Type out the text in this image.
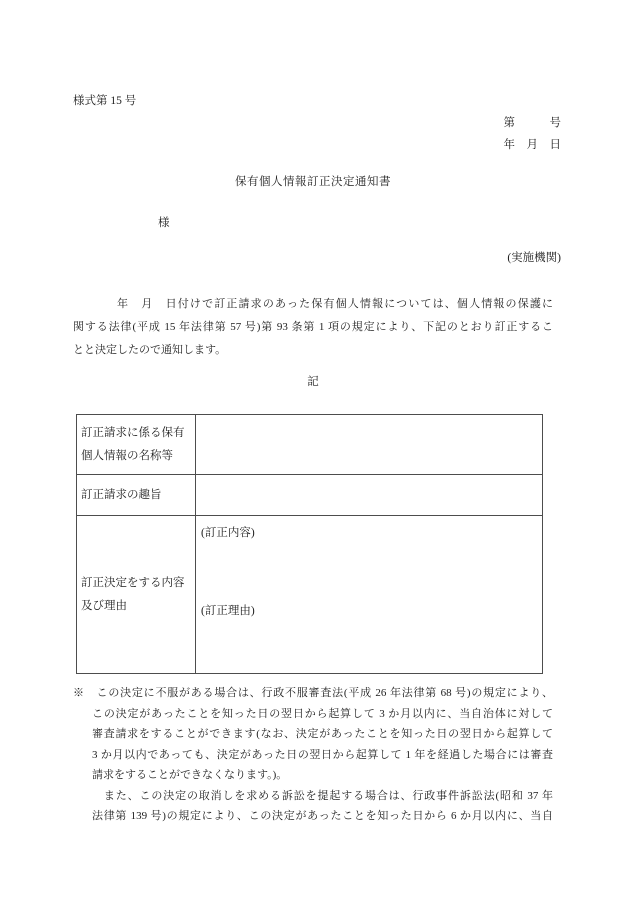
様式第 15 号
第　　　号
年　月　日
保有個人情報訂正決定通知書
様
(実施機関)
年　月　日付けで訂正請求のあった保有個人情報については、個人情報の保護に
関する法律(平成 15 年法律第 57 号)第 93 条第 1 項の規定により、下記のとおり訂正するこ
とと決定したので通知します。
記
訂正請求に係る保有個人情報の名称等	
訂正請求の趣旨	
訂正決定をする内容及び理由	(訂正内容)
(訂正理由)
※　この決定に不服がある場合は、行政不服審査法(平成 26 年法律第 68 号)の規定により、
この決定があったことを知った日の翌日から起算して 3 か月以内に、当自治体に対して
審査請求をすることができます(なお、決定があったことを知った日の翌日から起算して
3 か月以内であっても、決定があった日の翌日から起算して 1 年を経過した場合には審査
請求をすることができなくなります。)。
　また、この決定の取消しを求める訴訟を提起する場合は、行政事件訴訟法(昭和 37 年
法律第 139 号)の規定により、この決定があったことを知った日から 6 か月以内に、当自
